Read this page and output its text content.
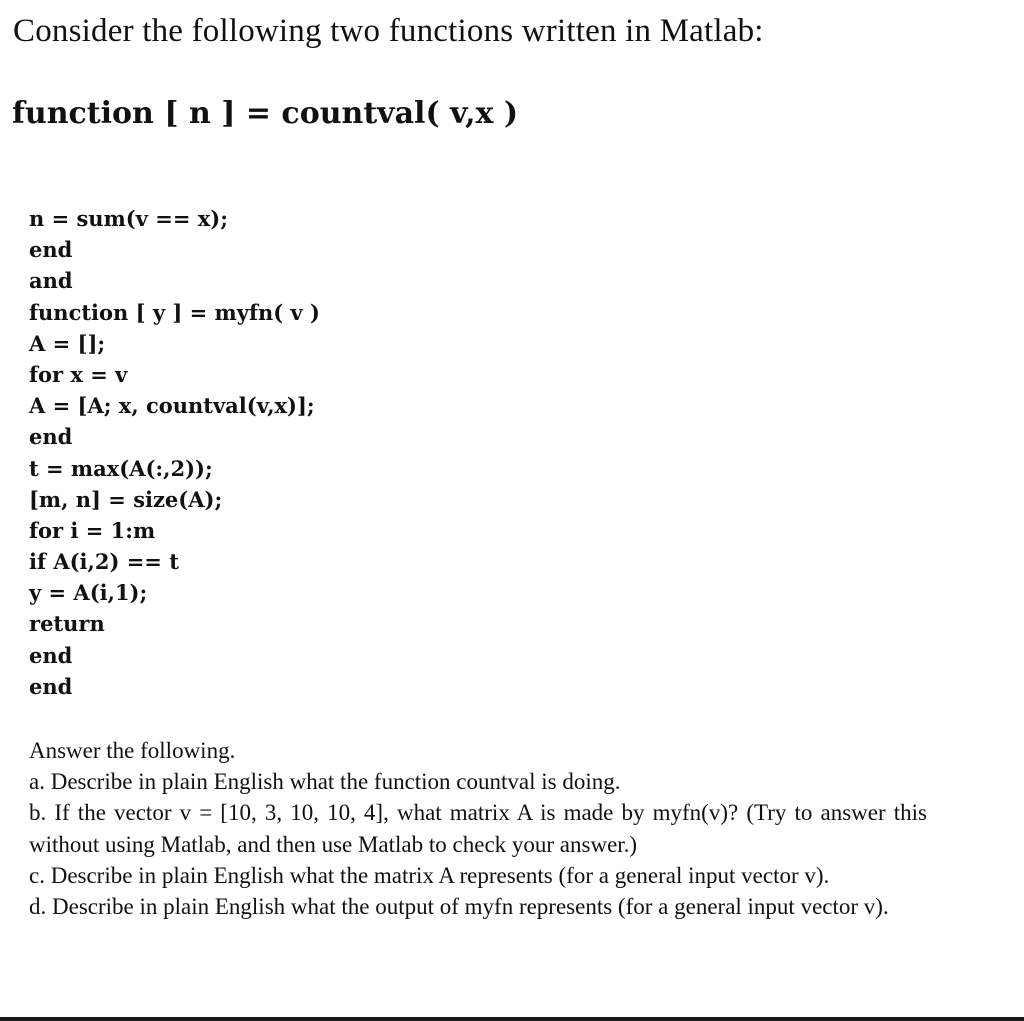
Consider the following two functions written in Matlab:
function [ n ] = countval( v,x )
n = sum(v == x);
end
and
function [ y ] = myfn( v )
A = [];
for x = v
A = [A; x, countval(v,x)];
end
t = max(A(:,2));
[m, n] = size(A);
for i = 1:m
if A(i,2) == t
y = A(i,1);
return
end
end

Answer the following.

a. Describe in plain English what the function countval is doing.

b. If the vector v = [10, 3, 10, 10, 4], what matrix A is made by myfn(v)? (Try to answer this without using Matlab, and then use Matlab to check your answer.)

c. Describe in plain English what the matrix A represents (for a general input vector v).

d. Describe in plain English what the output of myfn represents (for a general input vector v).
